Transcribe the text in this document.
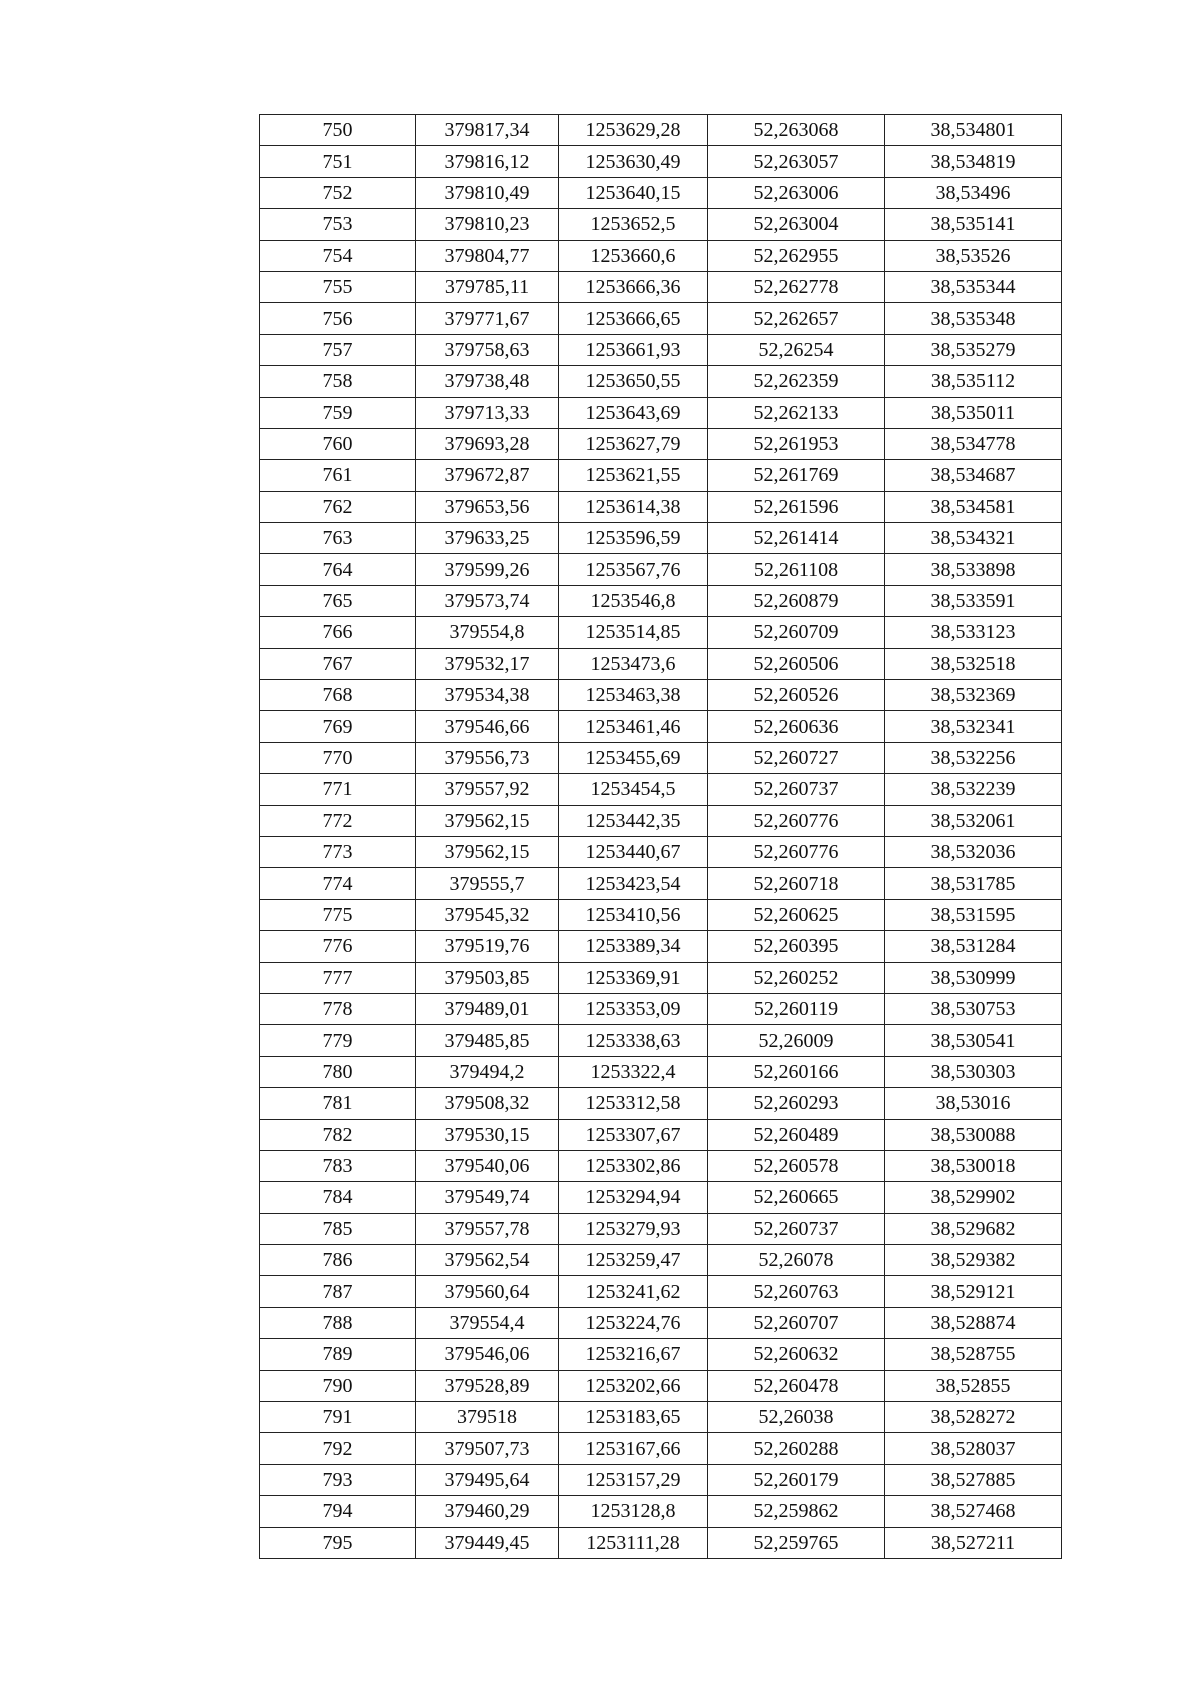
750	379817,34	1253629,28	52,263068	38,534801
751	379816,12	1253630,49	52,263057	38,534819
752	379810,49	1253640,15	52,263006	38,53496
753	379810,23	1253652,5	52,263004	38,535141
754	379804,77	1253660,6	52,262955	38,53526
755	379785,11	1253666,36	52,262778	38,535344
756	379771,67	1253666,65	52,262657	38,535348
757	379758,63	1253661,93	52,26254	38,535279
758	379738,48	1253650,55	52,262359	38,535112
759	379713,33	1253643,69	52,262133	38,535011
760	379693,28	1253627,79	52,261953	38,534778
761	379672,87	1253621,55	52,261769	38,534687
762	379653,56	1253614,38	52,261596	38,534581
763	379633,25	1253596,59	52,261414	38,534321
764	379599,26	1253567,76	52,261108	38,533898
765	379573,74	1253546,8	52,260879	38,533591
766	379554,8	1253514,85	52,260709	38,533123
767	379532,17	1253473,6	52,260506	38,532518
768	379534,38	1253463,38	52,260526	38,532369
769	379546,66	1253461,46	52,260636	38,532341
770	379556,73	1253455,69	52,260727	38,532256
771	379557,92	1253454,5	52,260737	38,532239
772	379562,15	1253442,35	52,260776	38,532061
773	379562,15	1253440,67	52,260776	38,532036
774	379555,7	1253423,54	52,260718	38,531785
775	379545,32	1253410,56	52,260625	38,531595
776	379519,76	1253389,34	52,260395	38,531284
777	379503,85	1253369,91	52,260252	38,530999
778	379489,01	1253353,09	52,260119	38,530753
779	379485,85	1253338,63	52,26009	38,530541
780	379494,2	1253322,4	52,260166	38,530303
781	379508,32	1253312,58	52,260293	38,53016
782	379530,15	1253307,67	52,260489	38,530088
783	379540,06	1253302,86	52,260578	38,530018
784	379549,74	1253294,94	52,260665	38,529902
785	379557,78	1253279,93	52,260737	38,529682
786	379562,54	1253259,47	52,26078	38,529382
787	379560,64	1253241,62	52,260763	38,529121
788	379554,4	1253224,76	52,260707	38,528874
789	379546,06	1253216,67	52,260632	38,528755
790	379528,89	1253202,66	52,260478	38,52855
791	379518	1253183,65	52,26038	38,528272
792	379507,73	1253167,66	52,260288	38,528037
793	379495,64	1253157,29	52,260179	38,527885
794	379460,29	1253128,8	52,259862	38,527468
795	379449,45	1253111,28	52,259765	38,527211
